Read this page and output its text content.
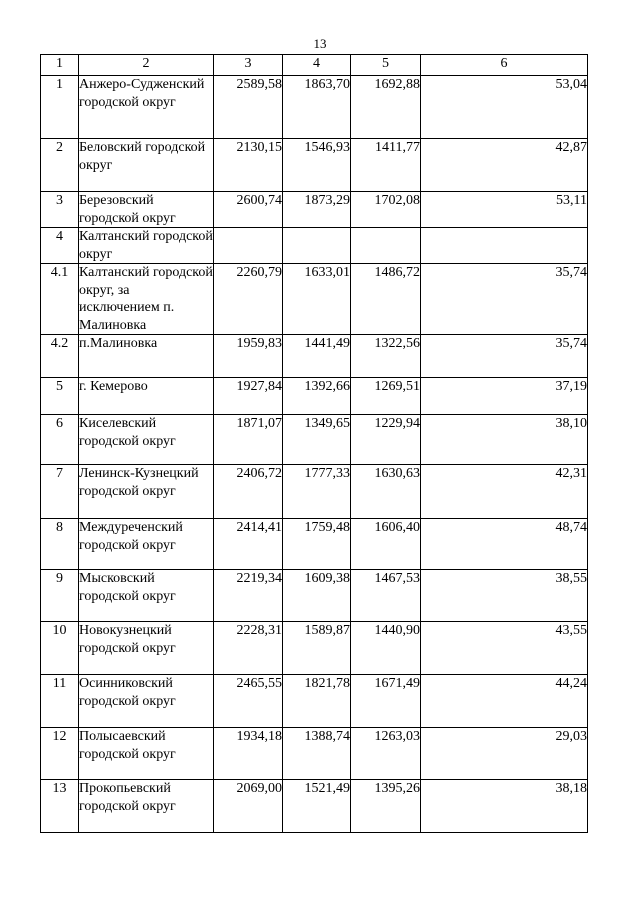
13
1	2	3	4	5	6
1	Анжеро-Судженский городской округ	2589,58	1863,70	1692,88	53,04
2	Беловский городской округ	2130,15	1546,93	1411,77	42,87
3	Березовский городской округ	2600,74	1873,29	1702,08	53,11
4	Калтанский городской округ				
4.1	Калтанский городской округ, за исключением п. Малиновка	2260,79	1633,01	1486,72	35,74
4.2	п.Малиновка	1959,83	1441,49	1322,56	35,74
5	г. Кемерово	1927,84	1392,66	1269,51	37,19
6	Киселевский городской округ	1871,07	1349,65	1229,94	38,10
7	Ленинск-Кузнецкий городской округ	2406,72	1777,33	1630,63	42,31
8	Междуреченский городской округ	2414,41	1759,48	1606,40	48,74
9	Мысковский городской округ	2219,34	1609,38	1467,53	38,55
10	Новокузнецкий городской округ	2228,31	1589,87	1440,90	43,55
11	Осинниковский городской округ	2465,55	1821,78	1671,49	44,24
12	Полысаевский городской округ	1934,18	1388,74	1263,03	29,03
13	Прокопьевский городской округ	2069,00	1521,49	1395,26	38,18
